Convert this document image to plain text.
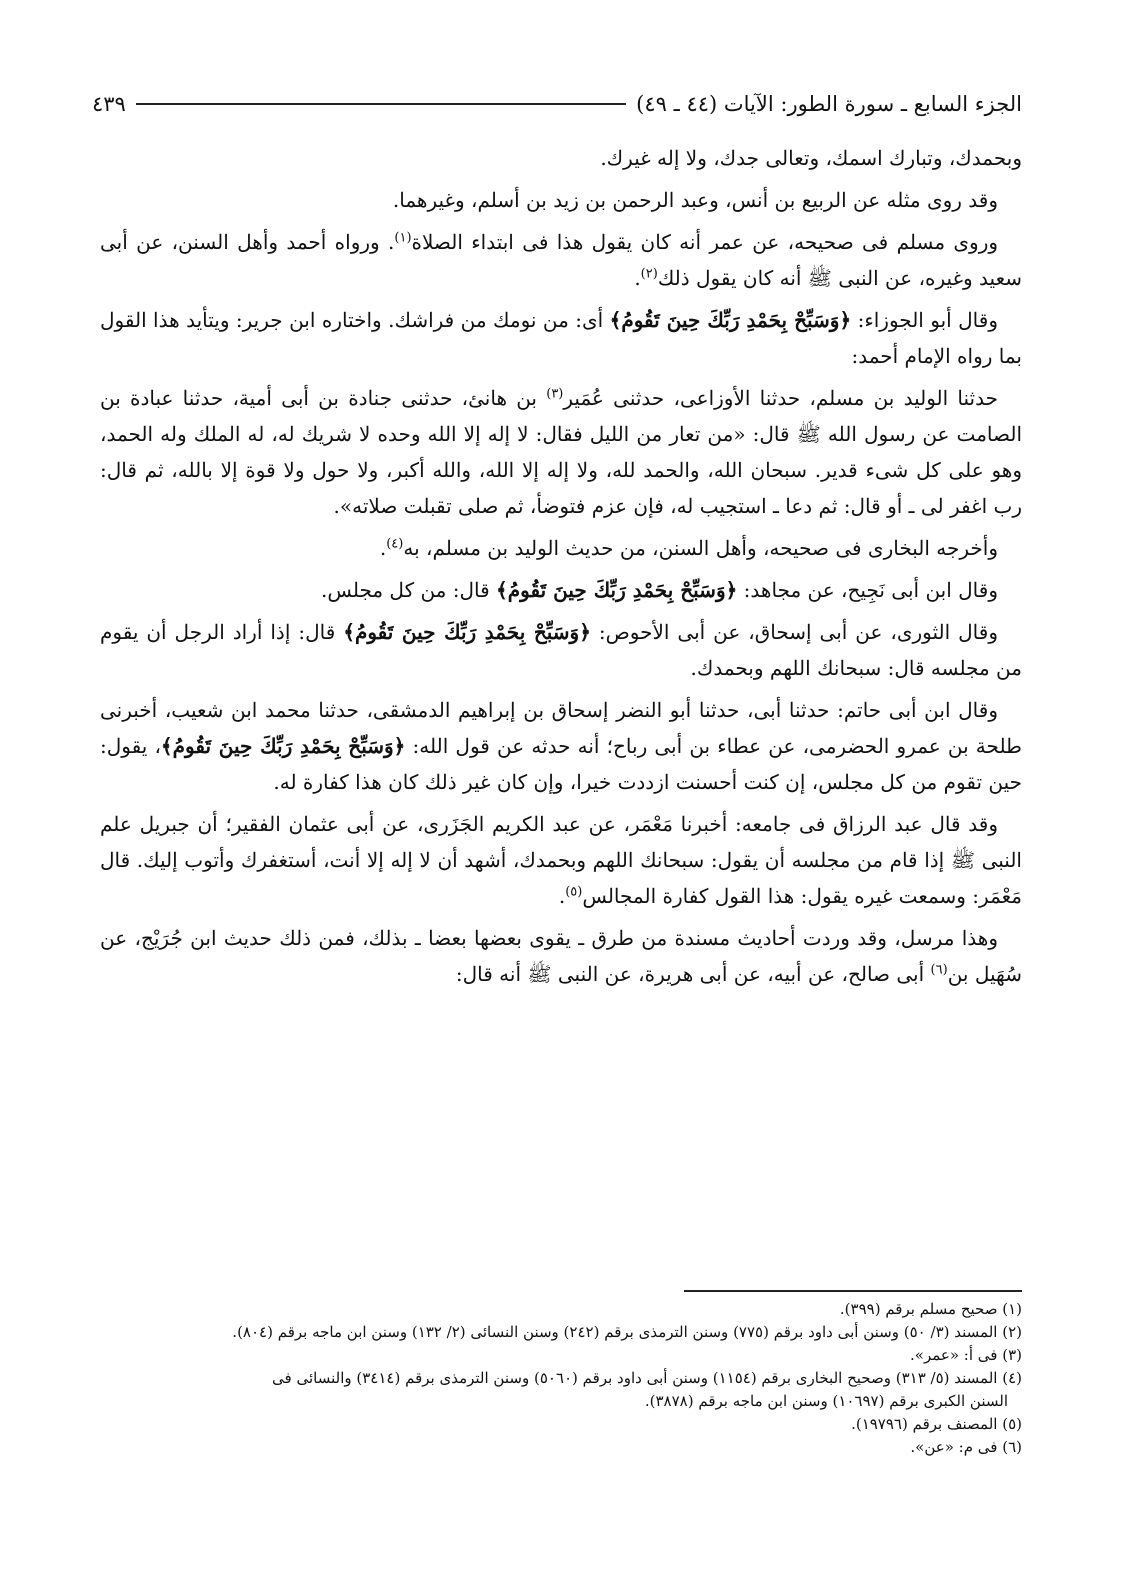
الجزء السابع ـ سورة الطور: الآيات (٤٤ ـ ٤٩)
٤٣٩

وبحمدك، وتبارك اسمك، وتعالى جدك، ولا إله غيرك.

وقد روى مثله عن الربيع بن أنس، وعبد الرحمن بن زيد بن أسلم، وغيرهما.

وروى مسلم فى صحيحه، عن عمر أنه كان يقول هذا فى ابتداء الصلاة$^{(١)}$. ورواه أحمد وأهل السنن، عن أبى سعيد وغيره، عن النبى ﷺ أنه كان يقول ذلك$^{(٢)}$.

وقال أبو الجوزاء: ﴿وَسَبِّحْ بِحَمْدِ رَبِّكَ حِينَ تَقُومُ﴾ أى: من نومك من فراشك. واختاره ابن جرير: ويتأيد هذا القول بما رواه الإمام أحمد:

حدثنا الوليد بن مسلم، حدثنا الأوزاعى، حدثنى عُمَير$^{(٣)}$ بن هانئ، حدثنى جنادة بن أبى أمية، حدثنا عبادة بن الصامت عن رسول الله ﷺ قال: «من تعار من الليل فقال: لا إله إلا الله وحده لا شريك له، له الملك وله الحمد، وهو على كل شىء قدير. سبحان الله، والحمد لله، ولا إله إلا الله، والله أكبر، ولا حول ولا قوة إلا بالله، ثم قال: رب اغفر لى ـ أو قال: ثم دعا ـ استجيب له، فإن عزم فتوضأ، ثم صلى تقبلت صلاته».

وأخرجه البخارى فى صحيحه، وأهل السنن، من حديث الوليد بن مسلم، به$^{(٤)}$.

وقال ابن أبى نَجِيح، عن مجاهد: ﴿وَسَبِّحْ بِحَمْدِ رَبِّكَ حِينَ تَقُومُ﴾ قال: من كل مجلس.

وقال الثورى، عن أبى إسحاق، عن أبى الأحوص: ﴿وَسَبِّحْ بِحَمْدِ رَبِّكَ حِينَ تَقُومُ﴾ قال: إذا أراد الرجل أن يقوم من مجلسه قال: سبحانك اللهم وبحمدك.

وقال ابن أبى حاتم: حدثنا أبى، حدثنا أبو النضر إسحاق بن إبراهيم الدمشقى، حدثنا محمد ابن شعيب، أخبرنى طلحة بن عمرو الحضرمى، عن عطاء بن أبى رباح؛ أنه حدثه عن قول الله: ﴿وَسَبِّحْ بِحَمْدِ رَبِّكَ حِينَ تَقُومُ﴾، يقول: حين تقوم من كل مجلس، إن كنت أحسنت ازددت خيرا، وإن كان غير ذلك كان هذا كفارة له.

وقد قال عبد الرزاق فى جامعه: أخبرنا مَعْمَر، عن عبد الكريم الجَزَرى، عن أبى عثمان الفقير؛ أن جبريل علم النبى ﷺ إذا قام من مجلسه أن يقول: سبحانك اللهم وبحمدك، أشهد أن لا إله إلا أنت، أستغفرك وأتوب إليك. قال مَعْمَر: وسمعت غيره يقول: هذا القول كفارة المجالس$^{(٥)}$.

وهذا مرسل، وقد وردت أحاديث مسندة من طرق ـ يقوى بعضها بعضا ـ بذلك، فمن ذلك حديث ابن جُرَيْج، عن سُهَيل بن$^{(٦)}$ أبى صالح، عن أبيه، عن أبى هريرة، عن النبى ﷺ أنه قال:

(١) صحيح مسلم برقم (٣٩٩).
(٢) المسند (٣/ ٥٠) وسنن أبى داود برقم (٧٧٥) وسنن الترمذى برقم (٢٤٢) وسنن النسائى (٢/ ١٣٢) وسنن ابن ماجه برقم (٨٠٤).
(٣) فى أ: «عمر».
(٤) المسند (٥/ ٣١٣) وصحيح البخارى برقم (١١٥٤) وسنن أبى داود برقم (٥٠٦٠) وسنن الترمذى برقم (٣٤١٤) والنسائى فى
السنن الكبرى برقم (١٠٦٩٧) وسنن ابن ماجه برقم (٣٨٧٨).
(٥) المصنف برقم (١٩٧٩٦).
(٦) فى م: «عن».
